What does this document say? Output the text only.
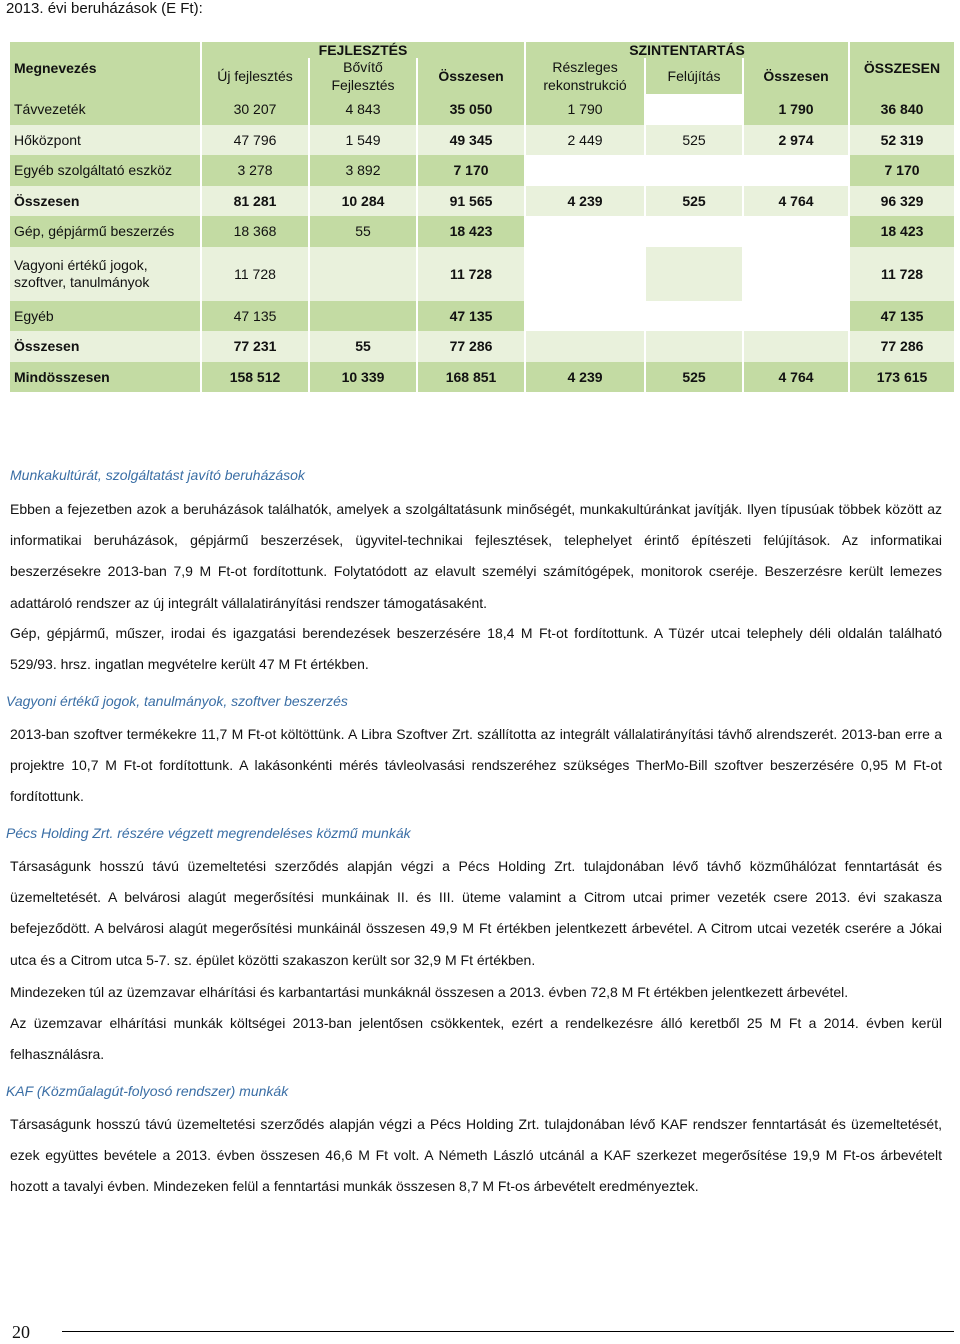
2013. évi beruházások (E Ft):
Megnevezés	FEJLESZTÉS			SZINTENTARTÁS			ÖSSZESEN
	Új fejlesztés	Bővítő Fejlesztés	Összesen	Részleges rekonstrukció	Felújítás	Összesen	
Távvezeték	30 207	4 843	35 050	1 790		1 790	36 840
Hőközpont	47 796	1 549	49 345	2 449	525	2 974	52 319
Egyéb szolgáltató eszköz	3 278	3 892	7 170				7 170
Összesen	81 281	10 284	91 565	4 239	525	4 764	96 329
Gép, gépjármű beszerzés	18 368	55	18 423				18 423
Vagyoni értékű jogok, szoftver, tanulmányok	11 728		11 728				11 728
Egyéb	47 135		47 135				47 135
Összesen	77 231	55	77 286				77 286
Mindösszesen	158 512	10 339	168 851	4 239	525	4 764	173 615
Munkakultúrát, szolgáltatást javító beruházások
Ebben a fejezetben azok a beruházások találhatók, amelyek a szolgáltatásunk minőségét, munkakultúránkat javítják. Ilyen típusúak többek között az informatikai beruházások, gépjármű beszerzések, ügyvitel-technikai fejlesztések, telephelyet érintő építészeti felújítások. Az informatikai beszerzésekre 2013-ban 7,9 M Ft-ot fordítottunk. Folytatódott az elavult személyi számítógépek, monitorok cseréje. Beszerzésre került lemezes adattároló rendszer az új integrált vállalatirányítási rendszer támogatásaként.
Gép, gépjármű, műszer, irodai és igazgatási berendezések beszerzésére 18,4 M Ft-ot fordítottunk. A Tüzér utcai telephely déli oldalán található 529/93. hrsz. ingatlan megvételre került 47 M Ft értékben.
Vagyoni értékű jogok, tanulmányok, szoftver beszerzés
2013-ban szoftver termékekre 11,7 M Ft-ot költöttünk. A Libra Szoftver Zrt. szállította az integrált vállalatirányítási távhő alrendszerét. 2013-ban erre a projektre 10,7 M Ft-ot fordítottunk. A lakásonkénti mérés távleolvasási rendszeréhez szükséges TherMo-Bill szoftver beszerzésére 0,95 M Ft-ot fordítottunk.
Pécs Holding Zrt. részére végzett megrendeléses közmű munkák
Társaságunk hosszú távú üzemeltetési szerződés alapján végzi a Pécs Holding Zrt. tulajdonában lévő távhő közműhálózat fenntartását és üzemeltetését. A belvárosi alagút megerősítési munkáinak II. és III. üteme valamint a Citrom utcai primer vezeték csere 2013. évi szakasza befejeződött. A belvárosi alagút megerősítési munkáinál összesen 49,9 M Ft értékben jelentkezett árbevétel. A Citrom utcai vezeték cserére a Jókai utca és a Citrom utca 5-7. sz. épület közötti szakaszon került sor 32,9 M Ft értékben.
Mindezeken túl az üzemzavar elhárítási és karbantartási munkáknál összesen a 2013. évben 72,8 M Ft értékben jelentkezett árbevétel.
Az üzemzavar elhárítási munkák költségei 2013-ban jelentősen csökkentek, ezért a rendelkezésre álló keretből 25 M Ft a 2014. évben kerül felhasználásra.
KAF (Közműalagút-folyosó rendszer) munkák
Társaságunk hosszú távú üzemeltetési szerződés alapján végzi a Pécs Holding Zrt. tulajdonában lévő KAF rendszer fenntartását és üzemeltetését, ezek együttes bevétele a 2013. évben összesen 46,6 M Ft volt. A Németh László utcánál a KAF szerkezet megerősítése 19,9 M Ft-os árbevételt hozott a tavalyi évben. Mindezeken felül a fenntartási munkák összesen 8,7 M Ft-os árbevételt eredményeztek.
20
